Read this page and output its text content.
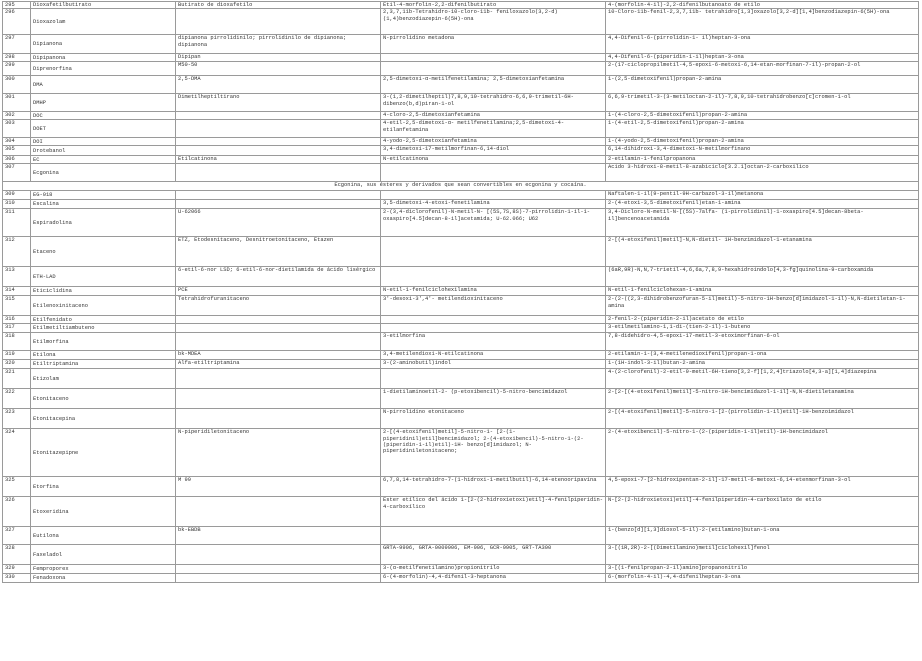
295	Dioxafetilbutirato	Butirato de dioxafetilo	Etil-4-morfolin-2,2-difenilbutirato	4-(morfolin-4-il)-2,2-difenilbutanoato de etilo
296	Dioxazolam		2,3,7,11b-Tetrahidro-10-cloro-11b- feniloxazolo(3,2-d)(1,4)benzodiazepin-6(5H)-ona	10-Cloro-11b-fenil-2,3,7,11b- tetrahidro[1,3]oxazolo[3,2-d][1,4]benzodiazepin-6(5H)-ona
297	Dipianona	dipianona pirrolidinilo; pirrolidinilo de dipianona; dipianona	N-pirrolidino metadona	4,4-Difenil-6-(pirrolidin-1- il)heptan-3-ona
298	Dipipanona	Dipipan		4,4-Difenil-6-(piperidin-1-il)heptan-3-ona
299	Diprenorfina	M50-50		2-(17-ciclopropilmetil-4,5-epoxi-6-metoxi-6,14-etan-morfinan-7-il)-propan-2-ol
300	DMA	2,5-DMA	2,5-dimetoxi-α-metilfenetilamina; 2,5-dimetoxianfetamina	1-(2,5-dimetoxifenil)propan-2-amina
301	DMHP	Dimetilheptiltirano	3-(1,2-dimetilheptil)7,8,9,10-tetrahidro-6,6,9-trimetil-6H-dibenzo(b,d)piran-1-ol	6,6,9-trimetil-3-(3-metiloctan-2-il)-7,8,9,10-tetrahidrobenzo[c]cromen-1-ol
302	DOC		4-cloro-2,5-dimetoxianfetamina	1-(4-cloro-2,5-dimetoxifenil)propan-2-amina
303	DOET		4-etil-2,5-dimetoxi-α- metilfenetilamina;2,5-dimetoxi-4-etilanfetamina	1-(4-etil-2,5-dimetoxifenil)propan-2-amina
304	DOI		4-yodo-2,5-dimetoxianfetamina	1-(4-yodo-2,5-dimetoxifenil)propan-2-amina
305	Drotebanol		3,4-dimetoxi-17-metilmorfinan-6,14-diol	6,14-dihidroxi-3,4-dimetoxi-N-metilmorfinano
306	EC	Etilcatinona	N-etilcatinona	2-etilamin-1-fenilpropanona
307	Ecgonina			Acido 3-hidroxi-8-metil-8-azabiciclo[3.2.1]octan-2-carboxilico
Ecgonina, sus ésteres y derivados que sean convertibles en ecgonina y cocaína.				
309	EG-018			Naftalen-1-il(9-pentil-9H-carbazol-3-il)metanona
310	Escalina		3,5-dimetoxi-4-etoxi-fenetilamina	2-(4-etoxi-3,5-dimetoxifenil)etan-1-amina
311	Espiradolina	U-62066	2-(3,4-diclorofenil)-N-metil-N- [(5S,7S,8S)-7-pirrolidin-1-il-1- oxaspiro[4.5]decan-8-il]acetamida; U-62.066; U62	3,4-Dicloro-N-metil-N-[(5S)-7alfa- (1-pirrolidinil)-1-oxaspiro[4.5]decan-8beta- il]bencenoacetamida
312	Etaceno	ETZ, Etodesnitaceno, Desnitroetonitaceno, Etazen		2-[(4-etoxifenil)metil]-N,N-dietil- 1H-benzimidazol-1-etanamina
313	ETH-LAD	6-etil-6-nor LSD; 6-etil-6-nor-dietilamida de ácido lisérgico		(6aR,9R)-N,N,7-trietil-4,6,6a,7,8,9-hexahidroindolo[4,3-fg]quinolina-9-carboxamida
314	Eticiclidina	PCE	N-etil-1-fenilciclohexilamina	N-etil-1-fenilciclohexan-1-amina
315	Etilenoxinitaceno	Tetrahidrofuranitaceno	3'-desoxi-3',4'- metilendioxinitaceno	2-(2-((2,3-dihidrobenzofuran-5-il)metil)-5-nitro-1H-benzo[d]imidazol-1-il)-N,N-dietiletan-1-amina
316	Etilfenidato			2-fenil-2-(piperidin-2-il)acetato de etilo
317	Etilmetiltiambuteno			3-etilmetilamino-1,1-di-(tien-2-il)-1-buteno
318	Etilmorfina		3-etilmorfina	7,8-didehidro-4,5-epoxi-17-metil-3-etoximorfinan-6-ol
319	Etilona	bk-MDEA	3,4-metilendioxi-N-etilcatinona	2-etilamin-1-(3,4-metilenedioxifenil)propan-1-ona
320	Etiltriptamina	Alfa-etiltriptamina	3-(2-aminobutil)indol	1-(1H-indol-3-il)butan-2-amina
321	Etizolam			4-(2-clorofenil)-2-etil-9-metil-6H-tieno[3,2-f][1,2,4]triazolo[4,3-a][1,4]diazepina
322	Etonitaceno		1-dietilaminoetil-2- (p-etoxibencil)-5-nitro-bencimidazol	2-[2-[(4-etoxifenil)metil]-5-nitro-1H-bencimidazol-1-il]-N,N-dietiletanamina
323	Etonitacepina		N-pirrolidino etonitaceno	2-[(4-etoxifenil)metil]-5-nitro-1-[2-(pirrolidin-1-il)etil]-1H-benzoimidazol
324	Etonitazepipne	N-piperidiletonitaceno	2-[(4-etoxifenil)metil]-5-nitro-1- [2-(1-piperidinil)etil]bencimidazol; 2-(4-etoxibencil)-5-nitro-1-(2- (piperidin-1-il)etil)-1H- benzo[d]imidazol; N-piperidiniletonitaceno;	2-(4-etoxibencil)-5-nitro-1-(2-(piperidin-1-il)etil)-1H-bencimidazol
325	Etorfina	M 99	6,7,8,14-tetrahidro-7-(1-hidroxi-1-metilbutil)-6,14-etenooripavina	4,5-epoxi-7-[2-hidroxipentan-2-il]-17-metil-6-metoxi-6,14-etenmorfinan-3-ol
326	Etoxeridina		Éster etílico del ácido 1-[2-(2-hidroxietoxi)etil]-4-fenilpiperidin-4-carboxílico	N-[2-(2-hidroxietoxi)etil]-4-fenilpiperidin-4-carboxilato de etilo
327	Eutilona	bk-EBDB		1-(benzo[d][1,3]dioxol-5-il)-2-(etilamino)butan-1-ona
328	Faxeladol		GRTA-9906, GRTA-0009906, EM-906, GCR-9905, GRT-TA300	3-[(1R,2R)-2-[(Dimetilamino)metil]ciclohexil]fenol
329	Femproporex		3-(α-metilfenetilamino)propionitrilo	3-[(1-fenilpropan-2-il)amino]propanonitrilo
330	Fenadoxona		6-(4-morfolin)-4,4-difenil-3-heptanona	6-(morfolin-4-il)-4,4-difenilheptan-3-ona
